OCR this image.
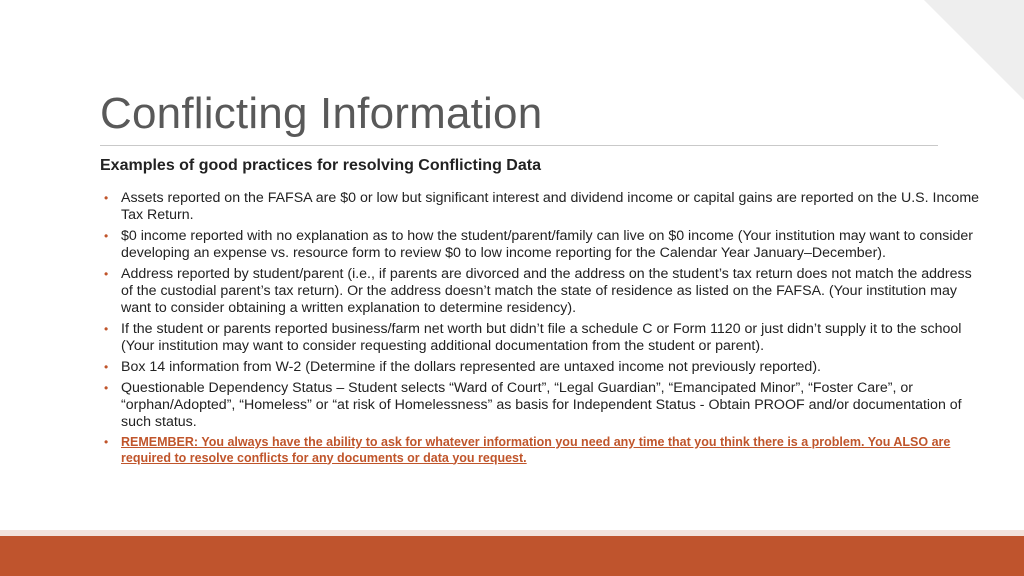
Conflicting Information

Examples of good practices for resolving Conflicting Data

• Assets reported on the FAFSA are $0 or low but significant interest and dividend income or capital gains are reported on the U.S. Income Tax Return.
• $0 income reported with no explanation as to how the student/parent/family can live on $0 income (Your institution may want to consider developing an expense vs. resource form to review $0 to low income reporting for the Calendar Year January–December).
• Address reported by student/parent (i.e., if parents are divorced and the address on the student’s tax return does not match the address of the custodial parent’s tax return). Or the address doesn’t match the state of residence as listed on the FAFSA. (Your institution may want to consider obtaining a written explanation to determine residency).
• If the student or parents reported business/farm net worth but didn’t file a schedule C or Form 1120 or just didn’t supply it to the school (Your institution may want to consider requesting additional documentation from the student or parent).
• Box 14 information from W-2 (Determine if the dollars represented are untaxed income not previously reported).
• Questionable Dependency Status – Student selects “Ward of Court”, “Legal Guardian”, “Emancipated Minor”, “Foster Care”, or “orphan/Adopted”, “Homeless” or “at risk of Homelessness” as basis for Independent Status - Obtain PROOF and/or documentation of such status.
• REMEMBER: You always have the ability to ask for whatever information you need any time that you think there is a problem. You ALSO are required to resolve conflicts for any documents or data you request.
